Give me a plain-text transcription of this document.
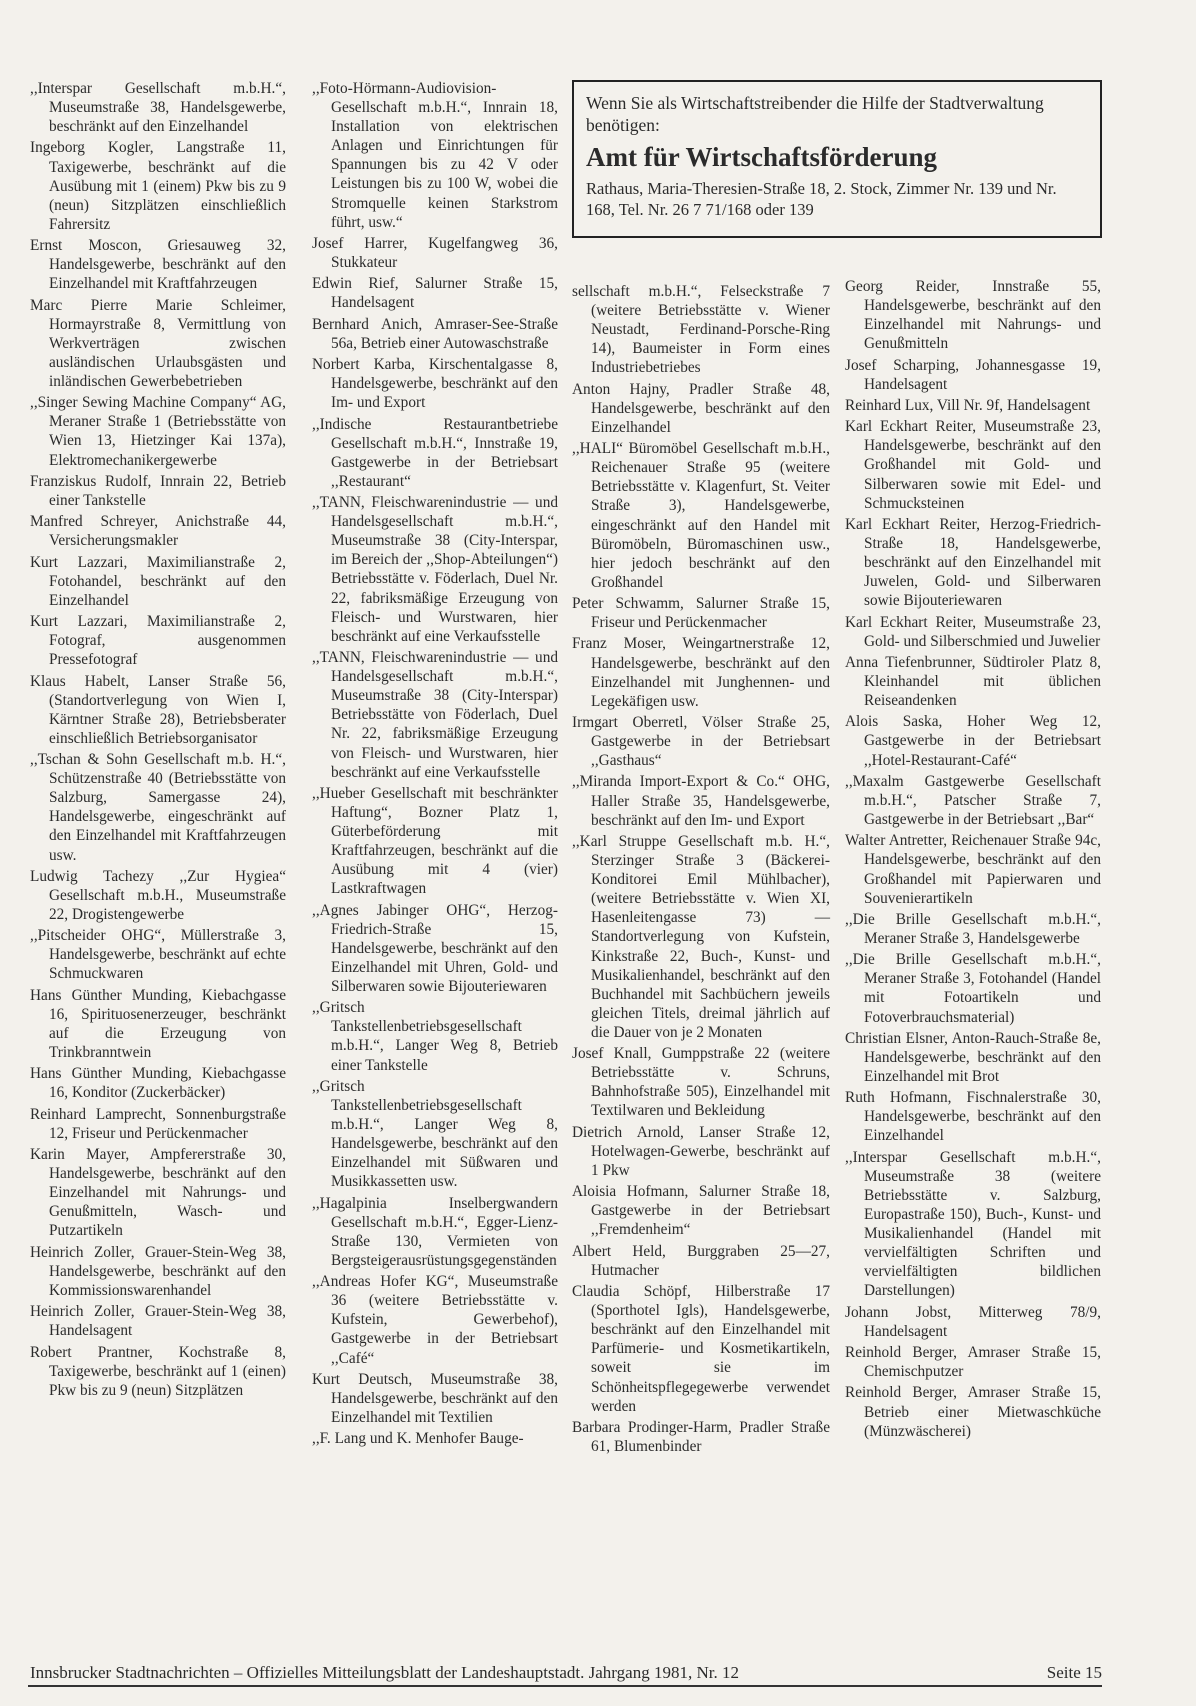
,,Interspar Gesellschaft m.b.H.“, Museumstraße 38, Handelsgewerbe, beschränkt auf den Einzelhandel

Ingeborg Kogler, Langstraße 11, Taxigewerbe, beschränkt auf die Ausübung mit 1 (einem) Pkw bis zu 9 (neun) Sitzplätzen einschließlich Fahrersitz

Ernst Moscon, Griesauweg 32, Handelsgewerbe, beschränkt auf den Einzelhandel mit Kraftfahrzeugen

Marc Pierre Marie Schleimer, Hormayrstraße 8, Vermittlung von Werkverträgen zwischen ausländischen Urlaubsgästen und inländischen Gewerbebetrieben

,,Singer Sewing Machine Company“ AG, Meraner Straße 1 (Betriebsstätte von Wien 13, Hietzinger Kai 137a), Elektromechanikergewerbe

Franziskus Rudolf, Innrain 22, Betrieb einer Tankstelle

Manfred Schreyer, Anichstraße 44, Versicherungsmakler

Kurt Lazzari, Maximilianstraße 2, Fotohandel, beschränkt auf den Einzelhandel

Kurt Lazzari, Maximilianstraße 2, Fotograf, ausgenommen Pressefotograf

Klaus Habelt, Lanser Straße 56, (Standortverlegung von Wien I, Kärntner Straße 28), Betriebsberater einschließlich Betriebsorganisator

,,Tschan & Sohn Gesellschaft m.b. H.“, Schützenstraße 40 (Betriebsstätte von Salzburg, Samergasse 24), Handelsgewerbe, eingeschränkt auf den Einzelhandel mit Kraftfahrzeugen usw.

Ludwig Tachezy ,,Zur Hygiea“ Gesellschaft m.b.H., Museumstraße 22, Drogistengewerbe

,,Pitscheider OHG“, Müllerstraße 3, Handelsgewerbe, beschränkt auf echte Schmuckwaren

Hans Günther Munding, Kiebachgasse 16, Spirituosenerzeuger, beschränkt auf die Erzeugung von Trinkbranntwein

Hans Günther Munding, Kiebachgasse 16, Konditor (Zuckerbäcker)

Reinhard Lamprecht, Sonnenburgstraße 12, Friseur und Perückenmacher

Karin Mayer, Ampfererstraße 30, Handelsgewerbe, beschränkt auf den Einzelhandel mit Nahrungs- und Genußmitteln, Wasch- und Putzartikeln

Heinrich Zoller, Grauer-Stein-Weg 38, Handelsgewerbe, beschränkt auf den Kommissionswarenhandel

Heinrich Zoller, Grauer-Stein-Weg 38, Handelsagent

Robert Prantner, Kochstraße 8, Taxigewerbe, beschränkt auf 1 (einen) Pkw bis zu 9 (neun) Sitzplätzen

,,Foto-Hörmann-Audiovision-Gesellschaft m.b.H.“, Innrain 18, Installation von elektrischen Anlagen und Einrichtungen für Spannungen bis zu 42 V oder Leistungen bis zu 100 W, wobei die Stromquelle keinen Starkstrom führt, usw.“

Josef Harrer, Kugelfangweg 36, Stukkateur

Edwin Rief, Salurner Straße 15, Handelsagent

Bernhard Anich, Amraser-See-Straße 56a, Betrieb einer Autowaschstraße

Norbert Karba, Kirschentalgasse 8, Handelsgewerbe, beschränkt auf den Im- und Export

,,Indische Restaurantbetriebe Gesellschaft m.b.H.“, Innstraße 19, Gastgewerbe in der Betriebsart ,,Restaurant“

,,TANN, Fleischwarenindustrie — und Handelsgesellschaft m.b.H.“, Museumstraße 38 (City-Interspar, im Bereich der ,,Shop-Abteilungen“) Betriebsstätte v. Föderlach, Duel Nr. 22, fabriksmäßige Erzeugung von Fleisch- und Wurstwaren, hier beschränkt auf eine Verkaufsstelle

,,TANN, Fleischwarenindustrie — und Handelsgesellschaft m.b.H.“, Museumstraße 38 (City-Interspar) Betriebsstätte von Föderlach, Duel Nr. 22, fabriksmäßige Erzeugung von Fleisch- und Wurstwaren, hier beschränkt auf eine Verkaufsstelle

,,Hueber Gesellschaft mit beschränkter Haftung“, Bozner Platz 1, Güterbeförderung mit Kraftfahrzeugen, beschränkt auf die Ausübung mit 4 (vier) Lastkraftwagen

,,Agnes Jabinger OHG“, Herzog-Friedrich-Straße 15, Handelsgewerbe, beschränkt auf den Einzelhandel mit Uhren, Gold- und Silberwaren sowie Bijouteriewaren

,,Gritsch Tankstellenbetriebsgesellschaft m.b.H.“, Langer Weg 8, Betrieb einer Tankstelle

,,Gritsch Tankstellenbetriebsgesellschaft m.b.H.“, Langer Weg 8, Handelsgewerbe, beschränkt auf den Einzelhandel mit Süßwaren und Musikkassetten usw.

,,Hagalpinia Inselbergwandern Gesellschaft m.b.H.“, Egger-Lienz-Straße 130, Vermieten von Bergsteigerausrüstungsgegenständen

,,Andreas Hofer KG“, Museumstraße 36 (weitere Betriebsstätte v. Kufstein, Gewerbehof), Gastgewerbe in der Betriebsart ,,Café“

Kurt Deutsch, Museumstraße 38, Handelsgewerbe, beschränkt auf den Einzelhandel mit Textilien

,,F. Lang und K. Menhofer Bauge-

Wenn Sie als Wirtschaftstreibender die Hilfe der Stadtverwaltung benötigen:
Amt für Wirtschaftsförderung
Rathaus, Maria-Theresien-Straße 18, 2. Stock, Zimmer Nr. 139 und Nr. 168, Tel. Nr. 26 7 71/168 oder 139

sellschaft m.b.H.“, Felseckstraße 7 (weitere Betriebsstätte v. Wiener Neustadt, Ferdinand-Porsche-Ring 14), Baumeister in Form eines Industriebetriebes

Anton Hajny, Pradler Straße 48, Handelsgewerbe, beschränkt auf den Einzelhandel

,,HALI“ Büromöbel Gesellschaft m.b.H., Reichenauer Straße 95 (weitere Betriebsstätte v. Klagenfurt, St. Veiter Straße 3), Handelsgewerbe, eingeschränkt auf den Handel mit Büromöbeln, Büromaschinen usw., hier jedoch beschränkt auf den Großhandel

Peter Schwamm, Salurner Straße 15, Friseur und Perückenmacher

Franz Moser, Weingartnerstraße 12, Handelsgewerbe, beschränkt auf den Einzelhandel mit Junghennen- und Legekäfigen usw.

Irmgart Oberretl, Völser Straße 25, Gastgewerbe in der Betriebsart ,,Gasthaus“

,,Miranda Import-Export & Co.“ OHG, Haller Straße 35, Handelsgewerbe, beschränkt auf den Im- und Export

,,Karl Struppe Gesellschaft m.b. H.“, Sterzinger Straße 3 (Bäckerei-Konditorei Emil Mühlbacher), (weitere Betriebsstätte v. Wien XI, Hasenleitengasse 73) — Standortverlegung von Kufstein, Kinkstraße 22, Buch-, Kunst- und Musikalienhandel, beschränkt auf den Buchhandel mit Sachbüchern jeweils gleichen Titels, dreimal jährlich auf die Dauer von je 2 Monaten

Josef Knall, Gumppstraße 22 (weitere Betriebsstätte v. Schruns, Bahnhofstraße 505), Einzelhandel mit Textilwaren und Bekleidung

Dietrich Arnold, Lanser Straße 12, Hotelwagen-Gewerbe, beschränkt auf 1 Pkw

Aloisia Hofmann, Salurner Straße 18, Gastgewerbe in der Betriebsart ,,Fremdenheim“

Albert Held, Burggraben 25—27, Hutmacher

Claudia Schöpf, Hilberstraße 17 (Sporthotel Igls), Handelsgewerbe, beschränkt auf den Einzelhandel mit Parfümerie- und Kosmetikartikeln, soweit sie im Schönheitspflegegewerbe verwendet werden

Barbara Prodinger-Harm, Pradler Straße 61, Blumenbinder

Georg Reider, Innstraße 55, Handelsgewerbe, beschränkt auf den Einzelhandel mit Nahrungs- und Genußmitteln

Josef Scharping, Johannesgasse 19, Handelsagent

Reinhard Lux, Vill Nr. 9f, Handelsagent

Karl Eckhart Reiter, Museumstraße 23, Handelsgewerbe, beschränkt auf den Großhandel mit Gold- und Silberwaren sowie mit Edel- und Schmucksteinen

Karl Eckhart Reiter, Herzog-Friedrich-Straße 18, Handelsgewerbe, beschränkt auf den Einzelhandel mit Juwelen, Gold- und Silberwaren sowie Bijouteriewaren

Karl Eckhart Reiter, Museumstraße 23, Gold- und Silberschmied und Juwelier

Anna Tiefenbrunner, Südtiroler Platz 8, Kleinhandel mit üblichen Reiseandenken

Alois Saska, Hoher Weg 12, Gastgewerbe in der Betriebsart ,,Hotel-Restaurant-Café“

,,Maxalm Gastgewerbe Gesellschaft m.b.H.“, Patscher Straße 7, Gastgewerbe in der Betriebsart ,,Bar“

Walter Antretter, Reichenauer Straße 94c, Handelsgewerbe, beschränkt auf den Großhandel mit Papierwaren und Souvenierartikeln

,,Die Brille Gesellschaft m.b.H.“, Meraner Straße 3, Handelsgewerbe

,,Die Brille Gesellschaft m.b.H.“, Meraner Straße 3, Fotohandel (Handel mit Fotoartikeln und Fotoverbrauchsmaterial)

Christian Elsner, Anton-Rauch-Straße 8e, Handelsgewerbe, beschränkt auf den Einzelhandel mit Brot

Ruth Hofmann, Fischnalerstraße 30, Handelsgewerbe, beschränkt auf den Einzelhandel

,,Interspar Gesellschaft m.b.H.“, Museumstraße 38 (weitere Betriebsstätte v. Salzburg, Europastraße 150), Buch-, Kunst- und Musikalienhandel (Handel mit vervielfältigten Schriften und vervielfältigten bildlichen Darstellungen)

Johann Jobst, Mitterweg 78/9, Handelsagent

Reinhold Berger, Amraser Straße 15, Chemischputzer

Reinhold Berger, Amraser Straße 15, Betrieb einer Mietwaschküche (Münzwäscherei)

Innsbrucker Stadtnachrichten – Offizielles Mitteilungsblatt der Landeshauptstadt. Jahrgang 1981, Nr. 12	Seite 15
